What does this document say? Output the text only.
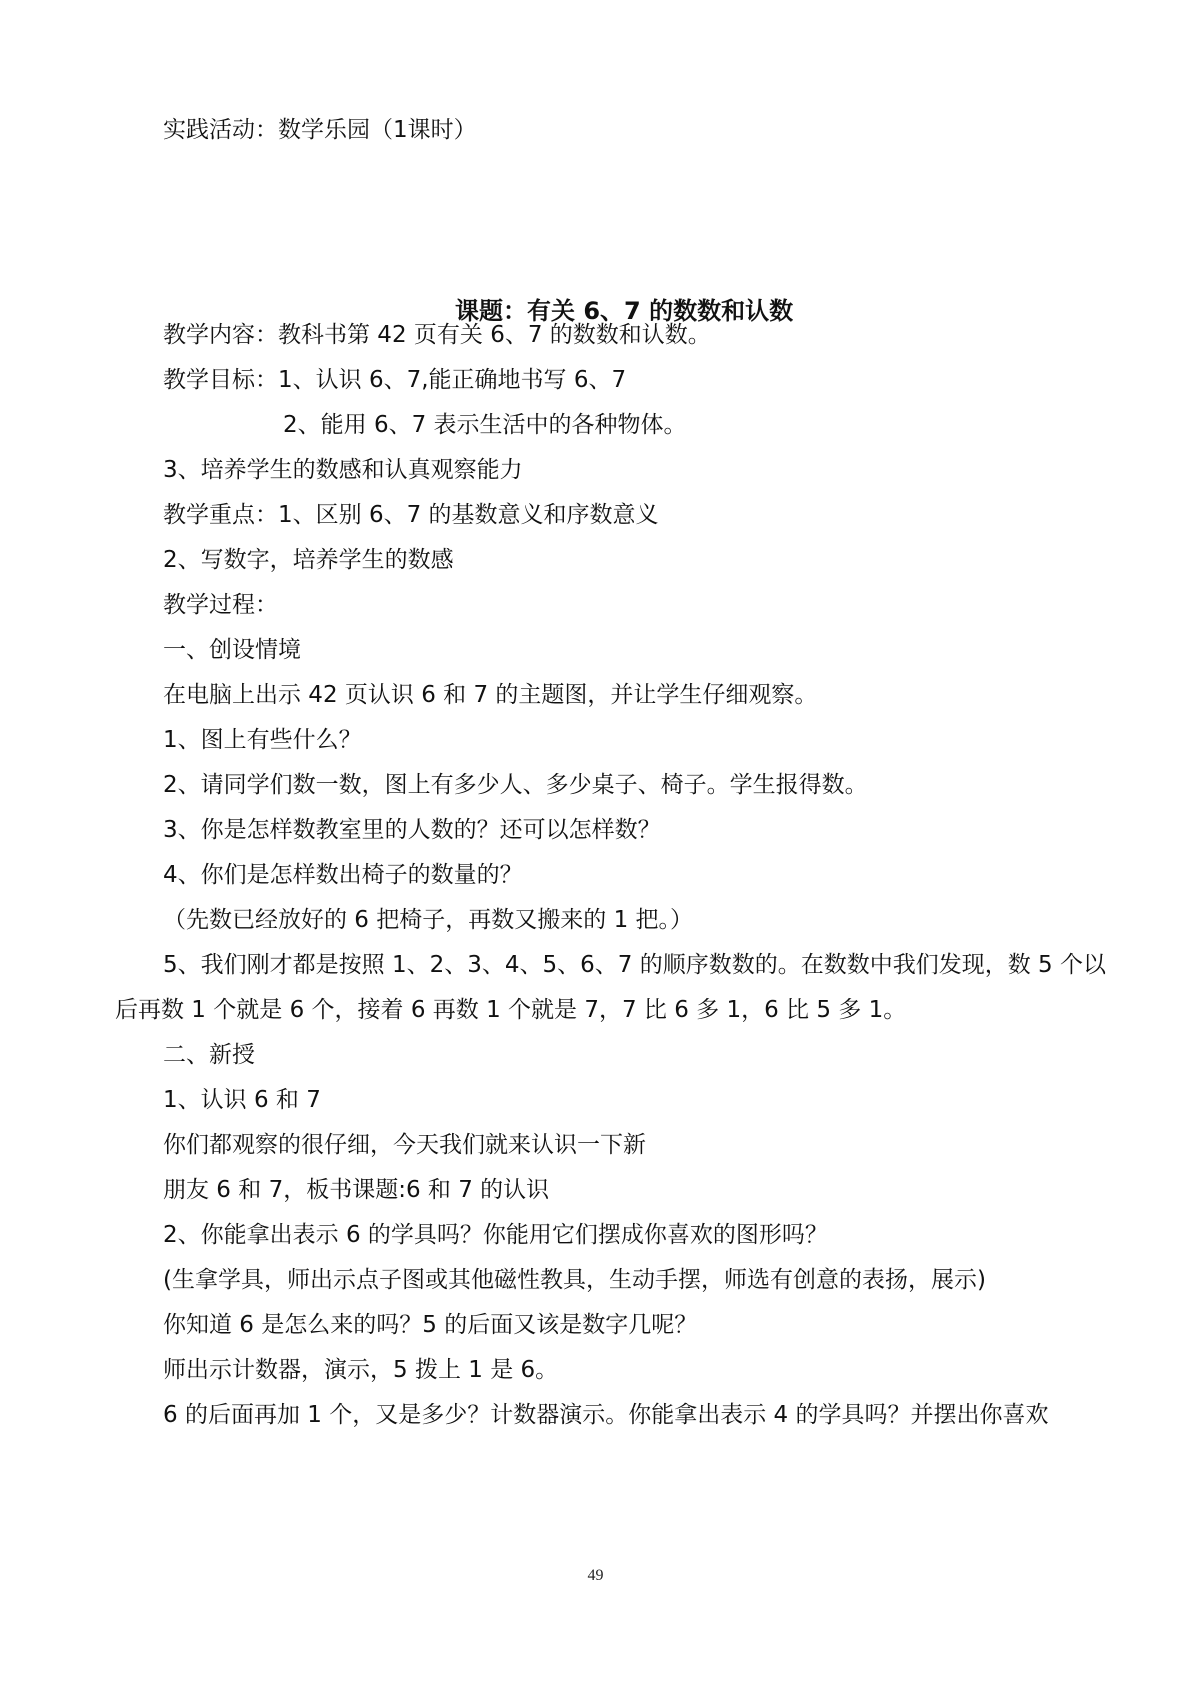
实践活动：数学乐园（1课时）
课题：有关 6、7 的数数和认数
教学内容：教科书第 42 页有关 6、7 的数数和认数。
教学目标：1、认识 6、7,能正确地书写 6、7
2、能用 6、7 表示生活中的各种物体。
3、培养学生的数感和认真观察能力
教学重点：1、区别 6、7 的基数意义和序数意义
2、写数字，培养学生的数感
教学过程：
一、创设情境
在电脑上出示 42 页认识 6 和 7 的主题图，并让学生仔细观察。
1、图上有些什么？
2、请同学们数一数，图上有多少人、多少桌子、椅子。学生报得数。
3、你是怎样数教室里的人数的？还可以怎样数？
4、你们是怎样数出椅子的数量的？
（先数已经放好的 6 把椅子，再数又搬来的 1 把。）
5、我们刚才都是按照 1、2、3、4、5、6、7 的顺序数数的。在数数中我们发现，数 5 个以
后再数 1 个就是 6 个，接着 6 再数 1 个就是 7，7 比 6 多 1，6 比 5 多 1。
二、新授
1、认识 6 和 7
你们都观察的很仔细，今天我们就来认识一下新
朋友 6 和 7，板书课题:6 和 7 的认识
2、你能拿出表示 6 的学具吗？你能用它们摆成你喜欢的图形吗？
(生拿学具，师出示点子图或其他磁性教具，生动手摆，师选有创意的表扬，展示)
你知道 6 是怎么来的吗？5 的后面又该是数字几呢？
师出示计数器，演示，5 拨上 1 是 6。
6 的后面再加 1 个，又是多少？计数器演示。你能拿出表示 4 的学具吗？并摆出你喜欢
49
